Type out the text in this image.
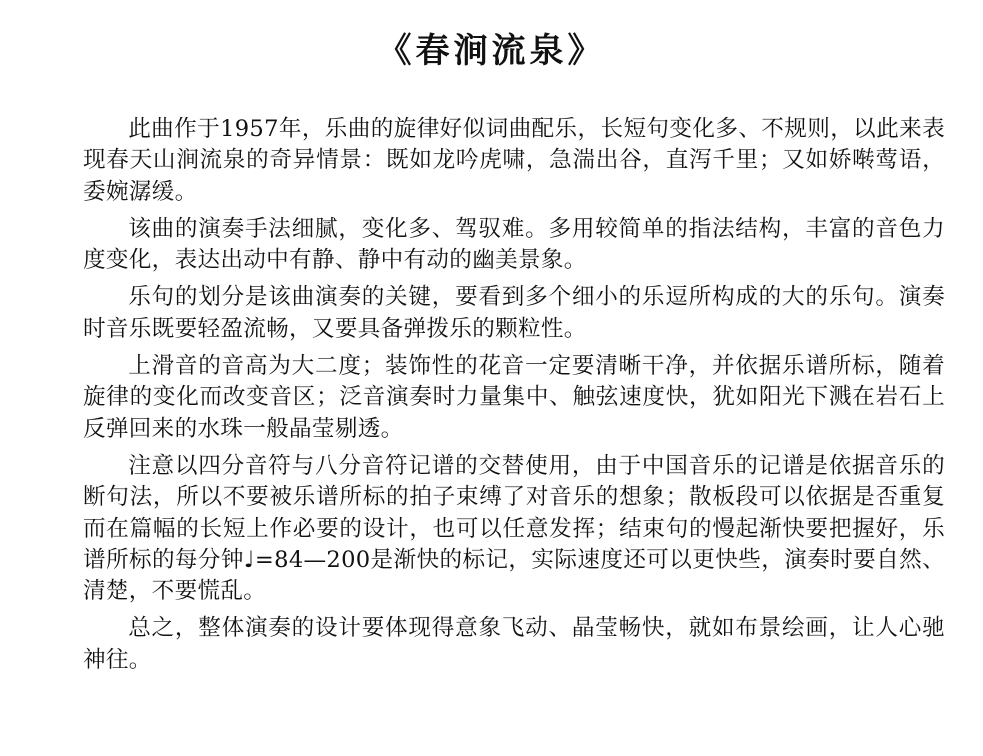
《春涧流泉》

此曲作于1957年，乐曲的旋律好似词曲配乐，长短句变化多、不规则，以此来表现春天山涧流泉的奇异情景：既如龙吟虎啸，急湍出谷，直泻千里；又如娇啭莺语，委婉潺缓。

该曲的演奏手法细腻，变化多、驾驭难。多用较简单的指法结构，丰富的音色力度变化，表达出动中有静、静中有动的幽美景象。

乐句的划分是该曲演奏的关键，要看到多个细小的乐逗所构成的大的乐句。演奏时音乐既要轻盈流畅，又要具备弹拨乐的颗粒性。

上滑音的音高为大二度；装饰性的花音一定要清晰干净，并依据乐谱所标，随着旋律的变化而改变音区；泛音演奏时力量集中、触弦速度快，犹如阳光下溅在岩石上反弹回来的水珠一般晶莹剔透。

注意以四分音符与八分音符记谱的交替使用，由于中国音乐的记谱是依据音乐的断句法，所以不要被乐谱所标的拍子束缚了对音乐的想象；散板段可以依据是否重复而在篇幅的长短上作必要的设计，也可以任意发挥；结束句的慢起渐快要把握好，乐谱所标的每分钟♩=84—200是渐快的标记，实际速度还可以更快些，演奏时要自然、清楚，不要慌乱。

总之，整体演奏的设计要体现得意象飞动、晶莹畅快，就如布景绘画，让人心驰神往。
